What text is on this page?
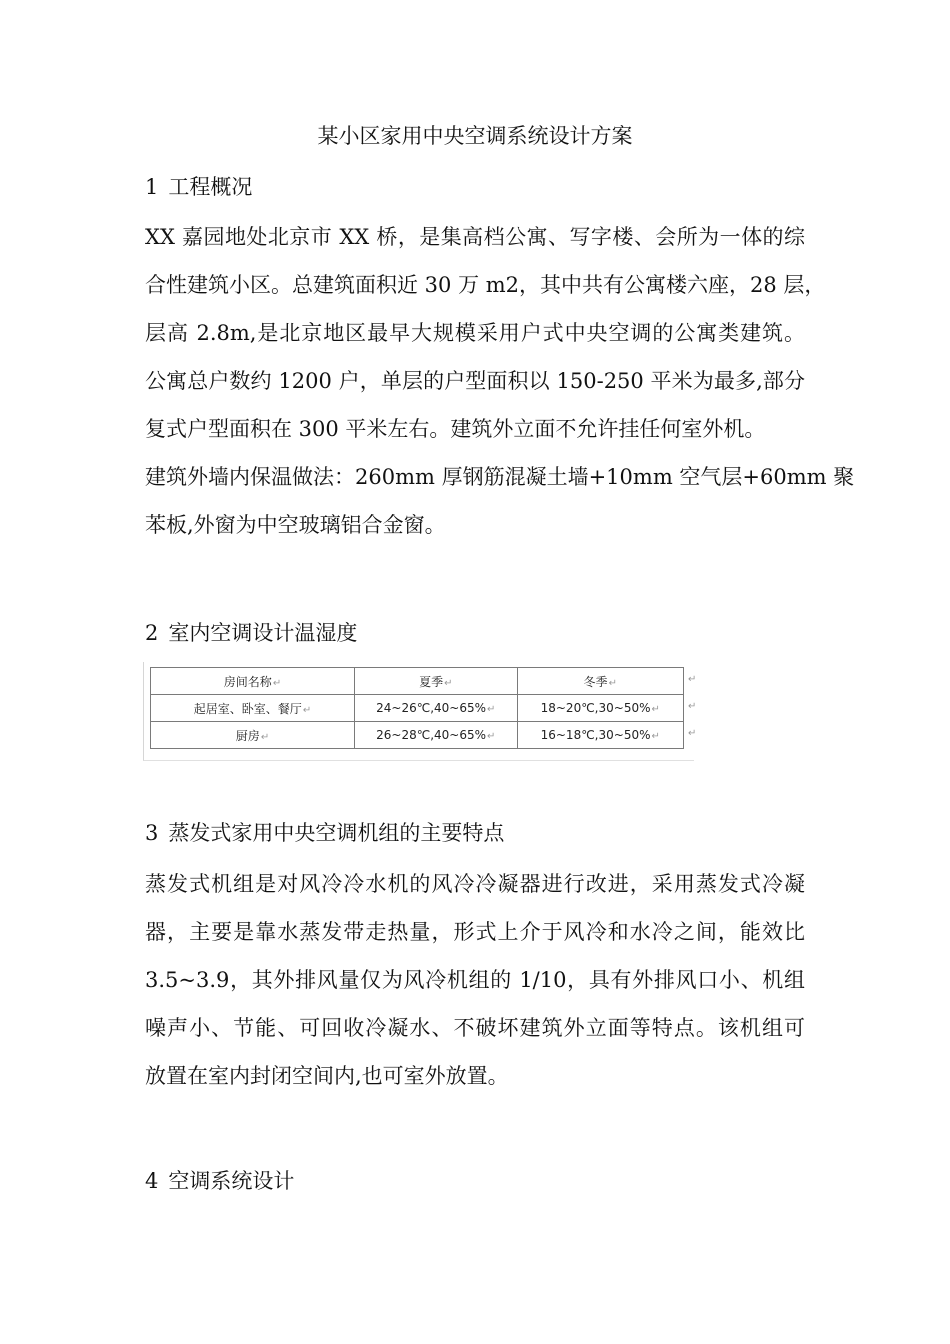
某小区家用中央空调系统设计方案
1 工程概况
XX 嘉园地处北京市 XX 桥，是集高档公寓、写字楼、会所为一体的综
合性建筑小区。总建筑面积近 30 万 m2，其中共有公寓楼六座，28 层，
层高 2.8m,是北京地区最早大规模采用户式中央空调的公寓类建筑。
公寓总户数约 1200 户，单层的户型面积以 150-250 平米为最多,部分
复式户型面积在 300 平米左右。建筑外立面不允许挂任何室外机。
建筑外墙内保温做法：260mm 厚钢筋混凝土墙+10mm 空气层+60mm 聚
苯板,外窗为中空玻璃铝合金窗。
2 室内空调设计温湿度
房间名称↵	夏季↵	冬季↵
起居室、卧室、餐厅↵	24~26℃,40~65%↵	18~20℃,30~50%↵
厨房↵	26~28℃,40~65%↵	16~18℃,30~50%↵
↵
↵
↵
3 蒸发式家用中央空调机组的主要特点
蒸发式机组是对风冷冷水机的风冷冷凝器进行改进，采用蒸发式冷凝
器，主要是靠水蒸发带走热量，形式上介于风冷和水冷之间，能效比
3.5~3.9，其外排风量仅为风冷机组的 1/10，具有外排风口小、机组
噪声小、节能、可回收冷凝水、不破坏建筑外立面等特点。该机组可
放置在室内封闭空间内,也可室外放置。
4 空调系统设计
